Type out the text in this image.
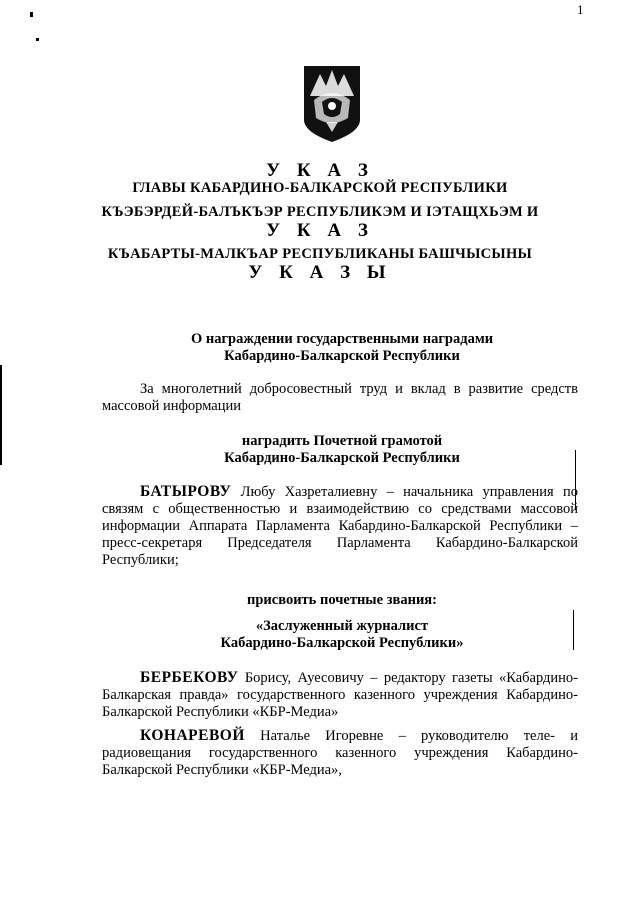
1
У К А З
ГЛАВЫ КАБАРДИНО-БАЛКАРСКОЙ РЕСПУБЛИКИ
КЪЭБЭРДЕЙ-БАЛЪКЪЭР РЕСПУБЛИКЭМ И IЭТАЩХЬЭМ И
У К А З
КЪАБАРТЫ-МАЛКЪАР РЕСПУБЛИКАНЫ БАШЧЫСЫНЫ
У К А З Ы
О награждении государственными наградами
Кабардино-Балкарской Республики
За многолетний добросовестный труд и вклад в развитие средств массовой информации
наградить Почетной грамотой
Кабардино-Балкарской Республики
БАТЫРОВУ Любу Хазреталиевну – начальника управления по связям с общественностью и взаимодействию со средствами массовой информации Аппарата Парламента Кабардино-Балкарской Республики – пресс-секретаря Председателя Парламента Кабардино-Балкарской Республики;
присвоить почетные звания:
«Заслуженный журналист
Кабардино-Балкарской Республики»
БЕРБЕКОВУ Борису, Ауесовичу – редактору газеты «Кабардино-Балкарская правда» государственного казенного учреждения Кабардино-Балкарской Республики «КБР-Медиа»
КОНАРЕВОЙ Наталье Игоревне – руководителю теле- и радиовещания государственного казенного учреждения Кабардино-Балкарской Республики «КБР-Медиа»,
